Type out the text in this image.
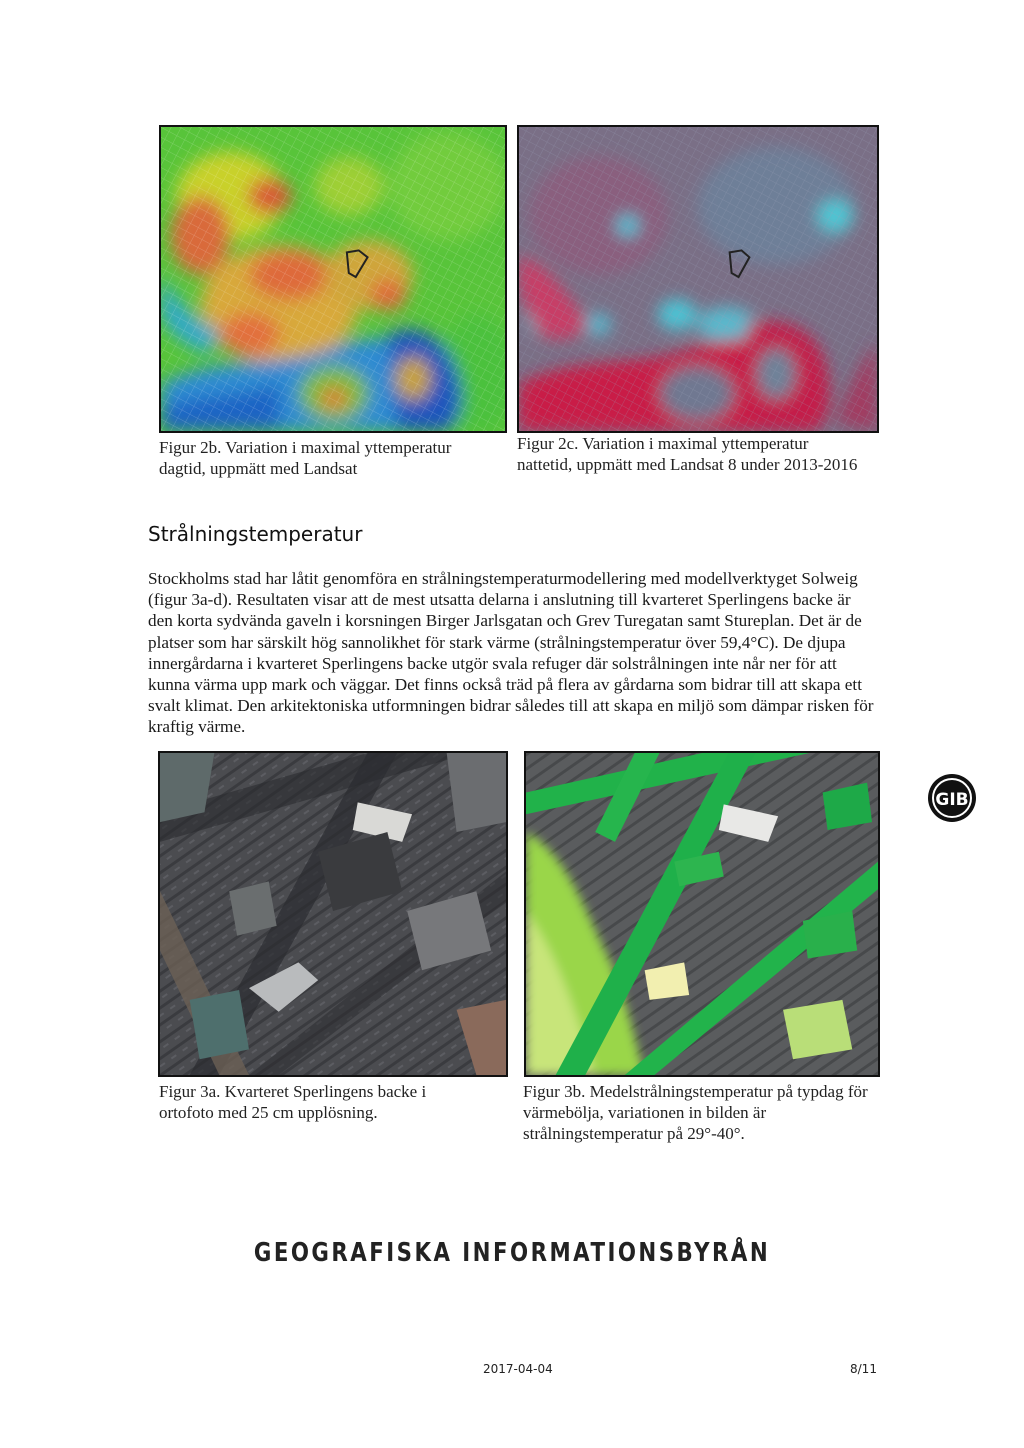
Figur 2b. Variation i maximal yttemperatur dagtid, uppmätt med Landsat
Figur 2c. Variation i maximal yttemperatur nattetid, uppmätt med Landsat 8 under 2013-2016
Strålningstemperatur
Stockholms stad har låtit genomföra en strålningstemperaturmodellering med modellverktyget Solweig (figur 3a-d). Resultaten visar att de mest utsatta delarna i anslutning till kvarteret Sperlingens backe är den korta sydvända gaveln i korsningen Birger Jarlsgatan och Grev Turegatan samt Stureplan. Det är de platser som har särskilt hög sannolikhet för stark värme (strålningstemperatur över 59,4°C). De djupa innergårdarna i kvarteret Sperlingens backe utgör svala refuger där solstrålningen inte når ner för att kunna värma upp mark och väggar. Det finns också träd på flera av gårdarna som bidrar till att skapa ett svalt klimat. Den arkitektoniska utformningen bidrar således till att skapa en miljö som dämpar risken för kraftig värme.
Figur 3a. Kvarteret Sperlingens backe i ortofoto med 25 cm upplösning.
Figur 3b. Medelstrålningstemperatur på typdag för värmebölja, variationen in bilden är strålningstemperatur på 29°-40°.
GIB
GEOGRAFISKA INFORMATIONSBYRÅN
2017-04-04	8/11
